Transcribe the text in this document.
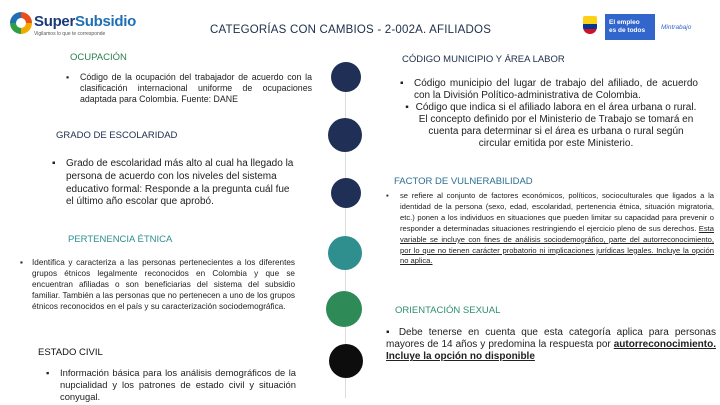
SuperSubsidio
Vigilamos lo que te corresponde	CATEGORÍAS CON CAMBIOS - 2-002A. AFILIADOS
El empleo
es de todos	Mintrabajo
OCUPACIÓN
▪	Código de la ocupación del trabajador de acuerdo con la clasificación internacional uniforme de ocupaciones adaptada para Colombia. Fuente: DANE
GRADO DE ESCOLARIDAD
▪	Grado de escolaridad más alto al cual ha llegado la persona de acuerdo con los niveles del sistema educativo formal: Responde a la pregunta cuál fue el último año escolar que aprobó.
PERTENENCIA ÉTNICA
▪	Identifica y caracteriza a las personas pertenecientes a los diferentes grupos étnicos legalmente reconocidos en Colombia y que se encuentran afiliadas o son beneficiarias del sistema del subsidio familiar. También a las personas que no pertenecen a uno de los grupos étnicos reconocidos en el país y su caracterización sociodemográfica.
ESTADO CIVIL
▪	Información básica para los análisis demográficos de la nupcialidad y los patrones de estado civil y situación conyugal.
CÓDIGO MUNICIPIO Y ÁREA LABOR
▪	Código municipio del lugar de trabajo del afiliado, de acuerdo con la División Político-administrativa de Colombia.
▪ Código que indica si el afiliado labora en el área urbana o rural. El concepto definido por el Ministerio de Trabajo se tomará en cuenta para determinar si el área es urbana o rural según circular emitida por este Ministerio.
FACTOR DE VULNERABILIDAD
▪	se refiere al conjunto de factores económicos, políticos, socioculturales que ligados a la identidad de la persona (sexo, edad, escolaridad, pertenencia étnica, situación migratoria, etc.) ponen a los individuos en situaciones que pueden limitar su capacidad para prevenir o responder a determinadas situaciones restringiendo el ejercicio pleno de sus derechos. Esta variable se incluye con fines de análisis sociodemográfico, parte del autorreconocimiento, por lo que no tienen carácter probatorio ni implicaciones jurídicas legales. Incluye la opción no aplica.
ORIENTACIÓN SEXUAL
▪ Debe tenerse en cuenta que esta categoría aplica para personas mayores de 14 años y predomina la respuesta por autorreconocimiento. Incluye la opción no disponible
